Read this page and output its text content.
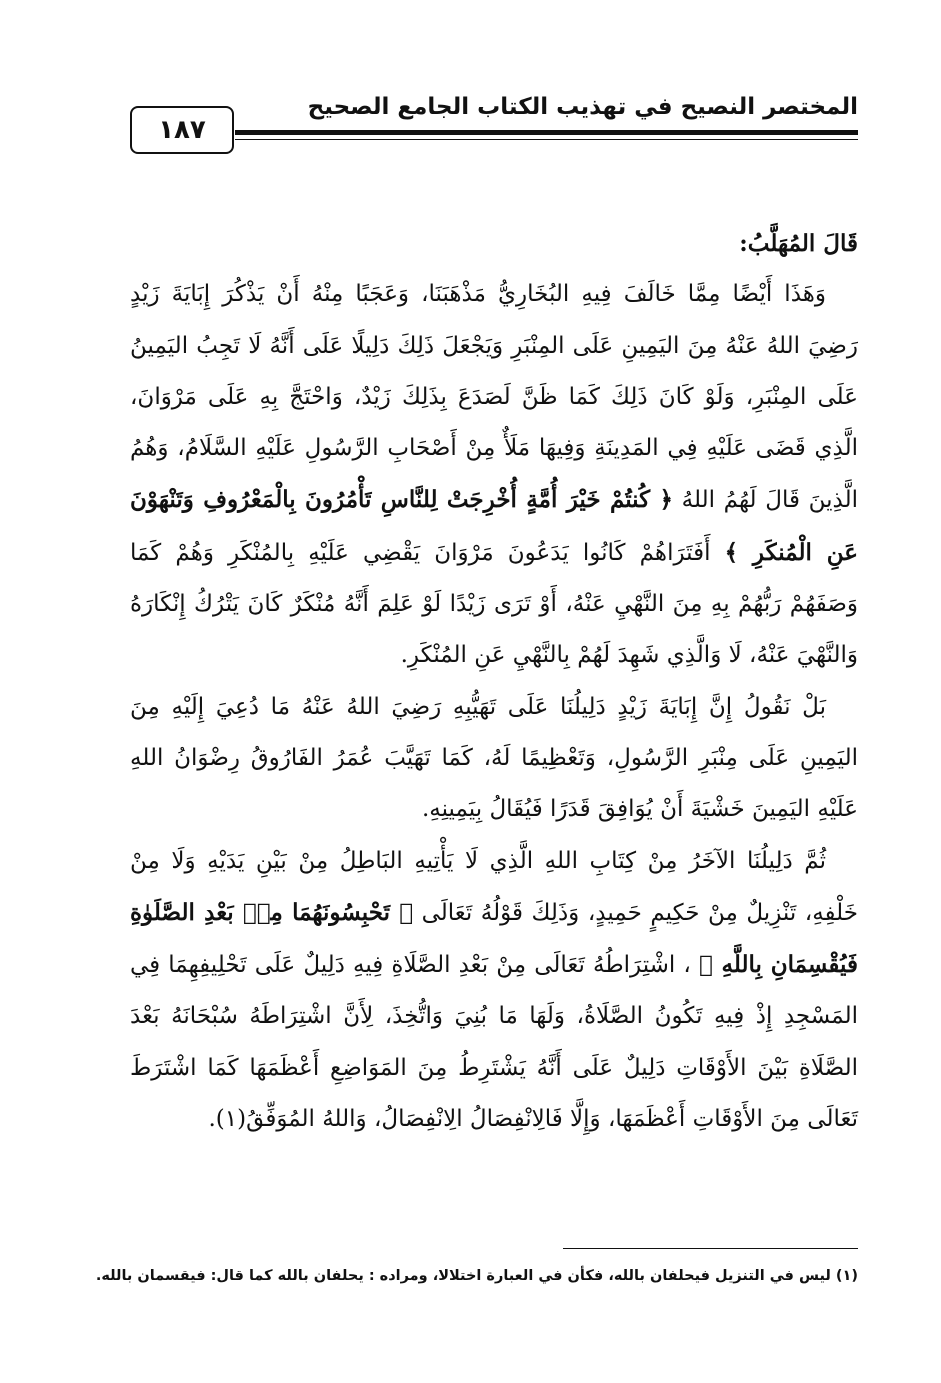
المختصر النصيح في تهذيب الكتاب الجامع الصحيح
١٨٧

قَالَ المُهَلَّبُ:

وَهَذَا أَيْضًا مِمَّا خَالَفَ فِيهِ البُخَارِيُّ مَذْهَبَنَا، وَعَجَبًا مِنْهُ أَنْ يَذْكُرَ إِبَايَةَ زَيْدٍ رَضِيَ اللهُ عَنْهُ مِنَ اليَمِينِ عَلَى المِنْبَرِ وَيَجْعَلَ ذَلِكَ دَلِيلًا عَلَى أَنَّهُ لَا تَجِبُ اليَمِينُ عَلَى المِنْبَرِ، وَلَوْ كَانَ ذَلِكَ كَمَا ظَنَّ لَصَدَعَ بِذَلِكَ زَيْدٌ، وَاحْتَجَّ بِهِ عَلَى مَرْوَانَ، الَّذِي قَضَى عَلَيْهِ فِي المَدِينَةِ وَفِيهَا مَلَأٌ مِنْ أَصْحَابِ الرَّسُولِ عَلَيْهِ السَّلَامُ، وَهُمُ الَّذِينَ قَالَ لَهُمُ اللهُ ﴿ كُنتُمْ خَيْرَ أُمَّةٍ أُخْرِجَتْ لِلنَّاسِ تَأْمُرُونَ بِالْمَعْرُوفِ وَتَنْهَوْنَ عَنِ الْمُنكَرِ ﴾ أَفَتَرَاهُمْ كَانُوا يَدَعُونَ مَرْوَانَ يَقْضِي عَلَيْهِ بِالمُنْكَرِ وَهُمْ كَمَا وَصَفَهُمْ رَبُّهُمْ بِهِ مِنَ النَّهْيِ عَنْهُ، أَوْ تَرَى زَيْدًا لَوْ عَلِمَ أَنَّهُ مُنْكَرٌ كَانَ يَتْرُكُ إِنْكَارَهُ وَالنَّهْيَ عَنْهُ، لَا وَالَّذِي شَهِدَ لَهُمْ بِالنَّهْيِ عَنِ المُنْكَرِ.

بَلْ نَقُولُ إِنَّ إِبَايَةَ زَيْدٍ دَلِيلُنَا عَلَى تَهَيُّبِهِ رَضِيَ اللهُ عَنْهُ مَا دُعِيَ إِلَيْهِ مِنَ اليَمِينِ عَلَى مِنْبَرِ الرَّسُولِ، وَتَعْظِيمًا لَهُ، كَمَا تَهَيَّبَ عُمَرُ الفَارُوقُ رِضْوَانُ اللهِ عَلَيْهِ اليَمِينَ خَشْيَةَ أَنْ يُوَافِقَ قَدَرًا فَيُقَالُ بِيَمِينِهِ.

ثُمَّ دَلِيلُنَا الآخَرُ مِنْ كِتَابِ اللهِ الَّذِي لَا يَأْتِيهِ البَاطِلُ مِنْ بَيْنِ يَدَيْهِ وَلَا مِنْ خَلْفِهِ، تَنْزِيلٌ مِنْ حَكِيمٍ حَمِيدٍ، وَذَلِكَ قَوْلُهُ تَعَالَى ﴿ تَحْبِسُونَهُمَا مِنۢ بَعْدِ الصَّلَوٰةِ فَيُقْسِمَانِ بِاللَّهِ ﴾ ، اشْتِرَاطُهُ تَعَالَى مِنْ بَعْدِ الصَّلَاةِ فِيهِ دَلِيلٌ عَلَى تَحْلِيفِهِمَا فِي المَسْجِدِ إِذْ فِيهِ تَكُونُ الصَّلَاةُ، وَلَهَا مَا بُنِيَ وَاتُّخِذَ، لِأَنَّ اشْتِرَاطَهُ سُبْحَانَهُ بَعْدَ الصَّلَاةِ بَيْنَ الأَوْقَاتِ دَلِيلٌ عَلَى أَنَّهُ يَشْتَرِطُ مِنَ المَوَاضِعِ أَعْظَمَهَا كَمَا اشْتَرَطَ تَعَالَى مِنَ الأَوْقَاتِ أَعْظَمَهَا، وَإِلَّا فَالِانْفِصَالُ الِانْفِصَالُ، وَاللهُ المُوَفِّقُ(١).

(١) ليس في التنزيل فيحلفان بالله، فكأن في العبارة اختلالا، ومراده : يحلفان بالله كما قال: فيقسمان بالله.
